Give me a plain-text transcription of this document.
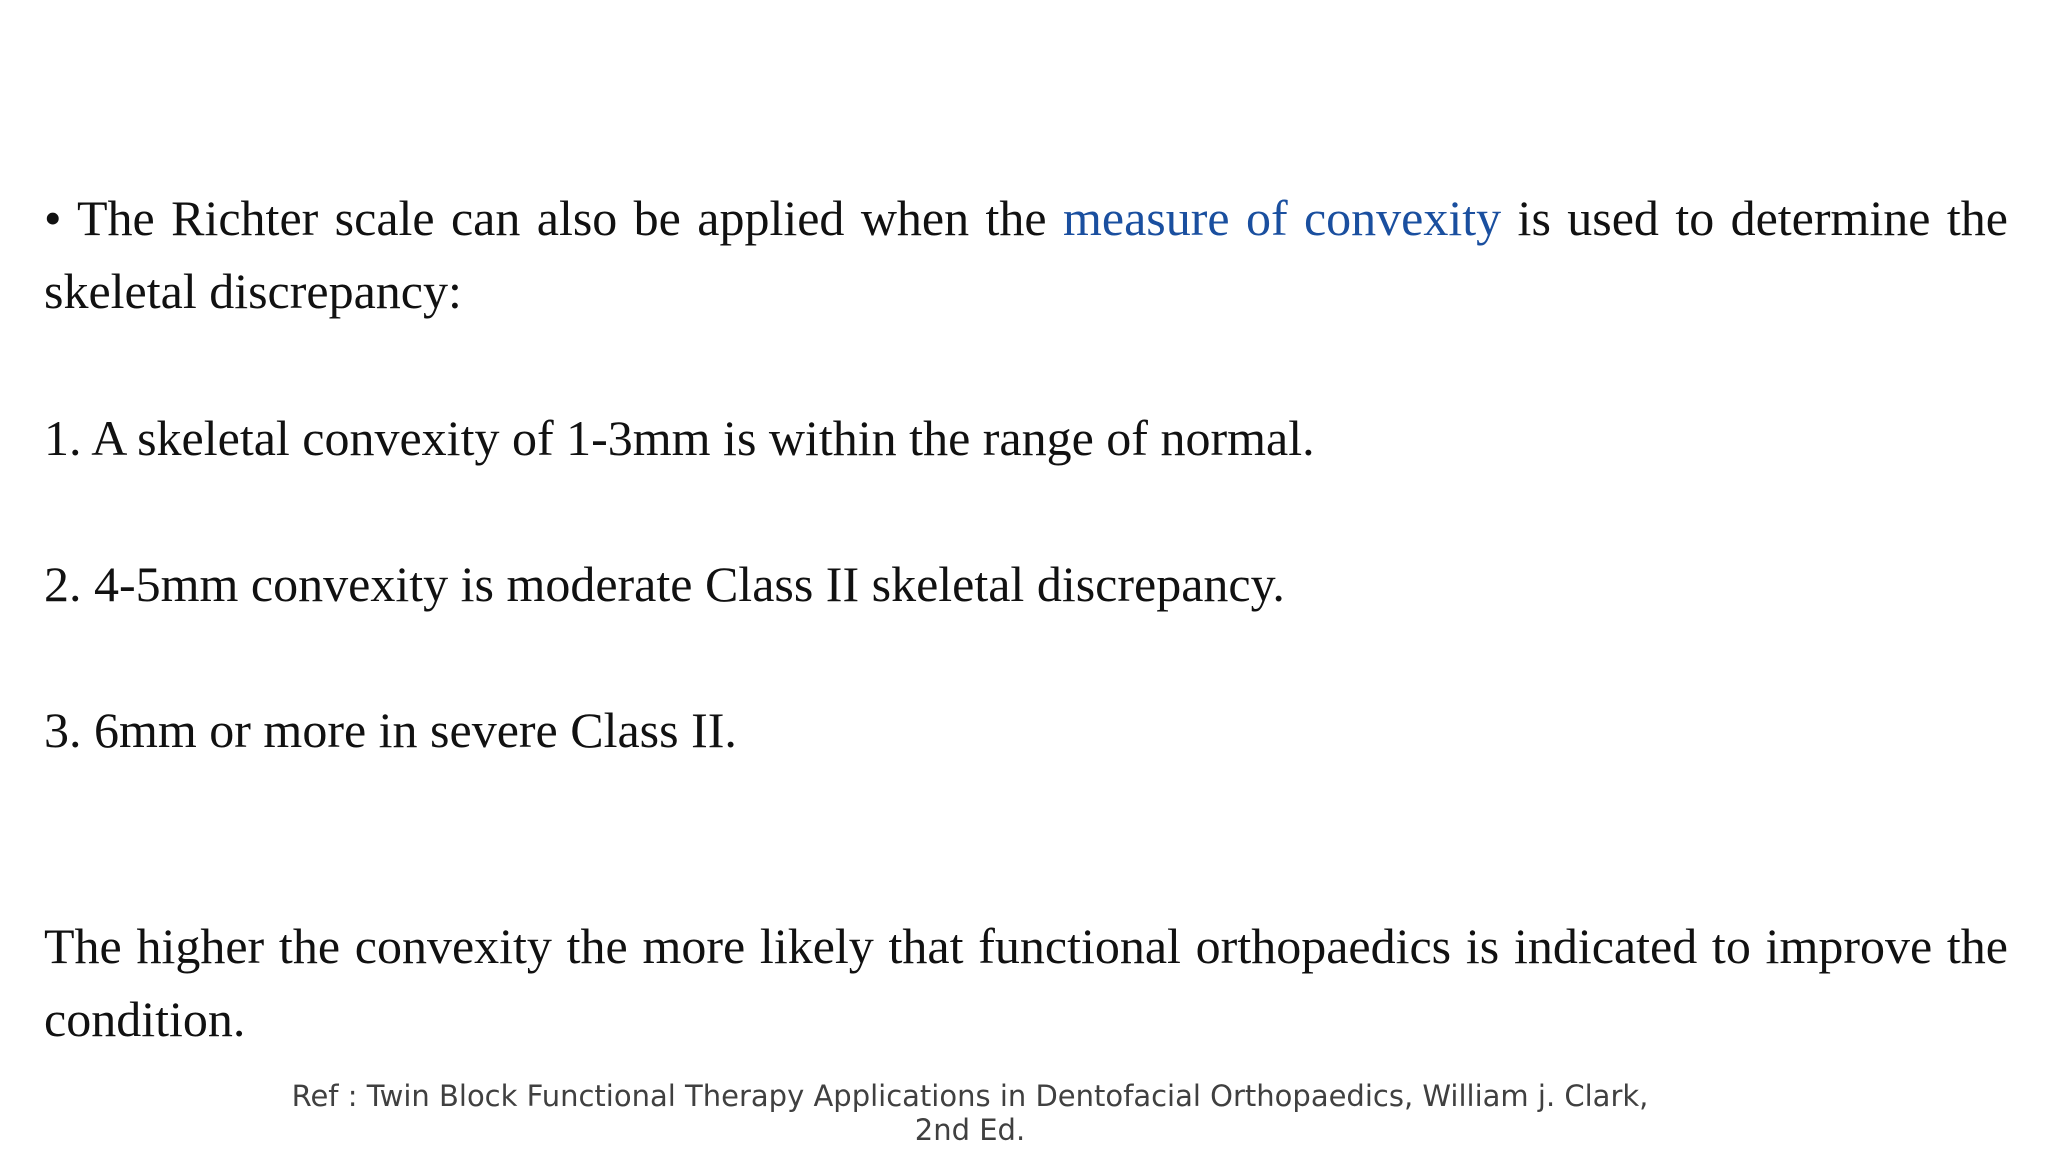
• The Richter scale can also be applied when the measure of convexity is used to determine the skeletal discrepancy:

1. A skeletal convexity of 1-3mm is within the range of normal.

2. 4-5mm convexity is moderate Class II skeletal discrepancy.

3. 6mm or more in severe Class II.

The higher the convexity the more likely that functional orthopaedics is indicated to improve the condition.

Ref : Twin Block Functional Therapy Applications in Dentofacial Orthopaedics, William j. Clark,
2nd Ed.
